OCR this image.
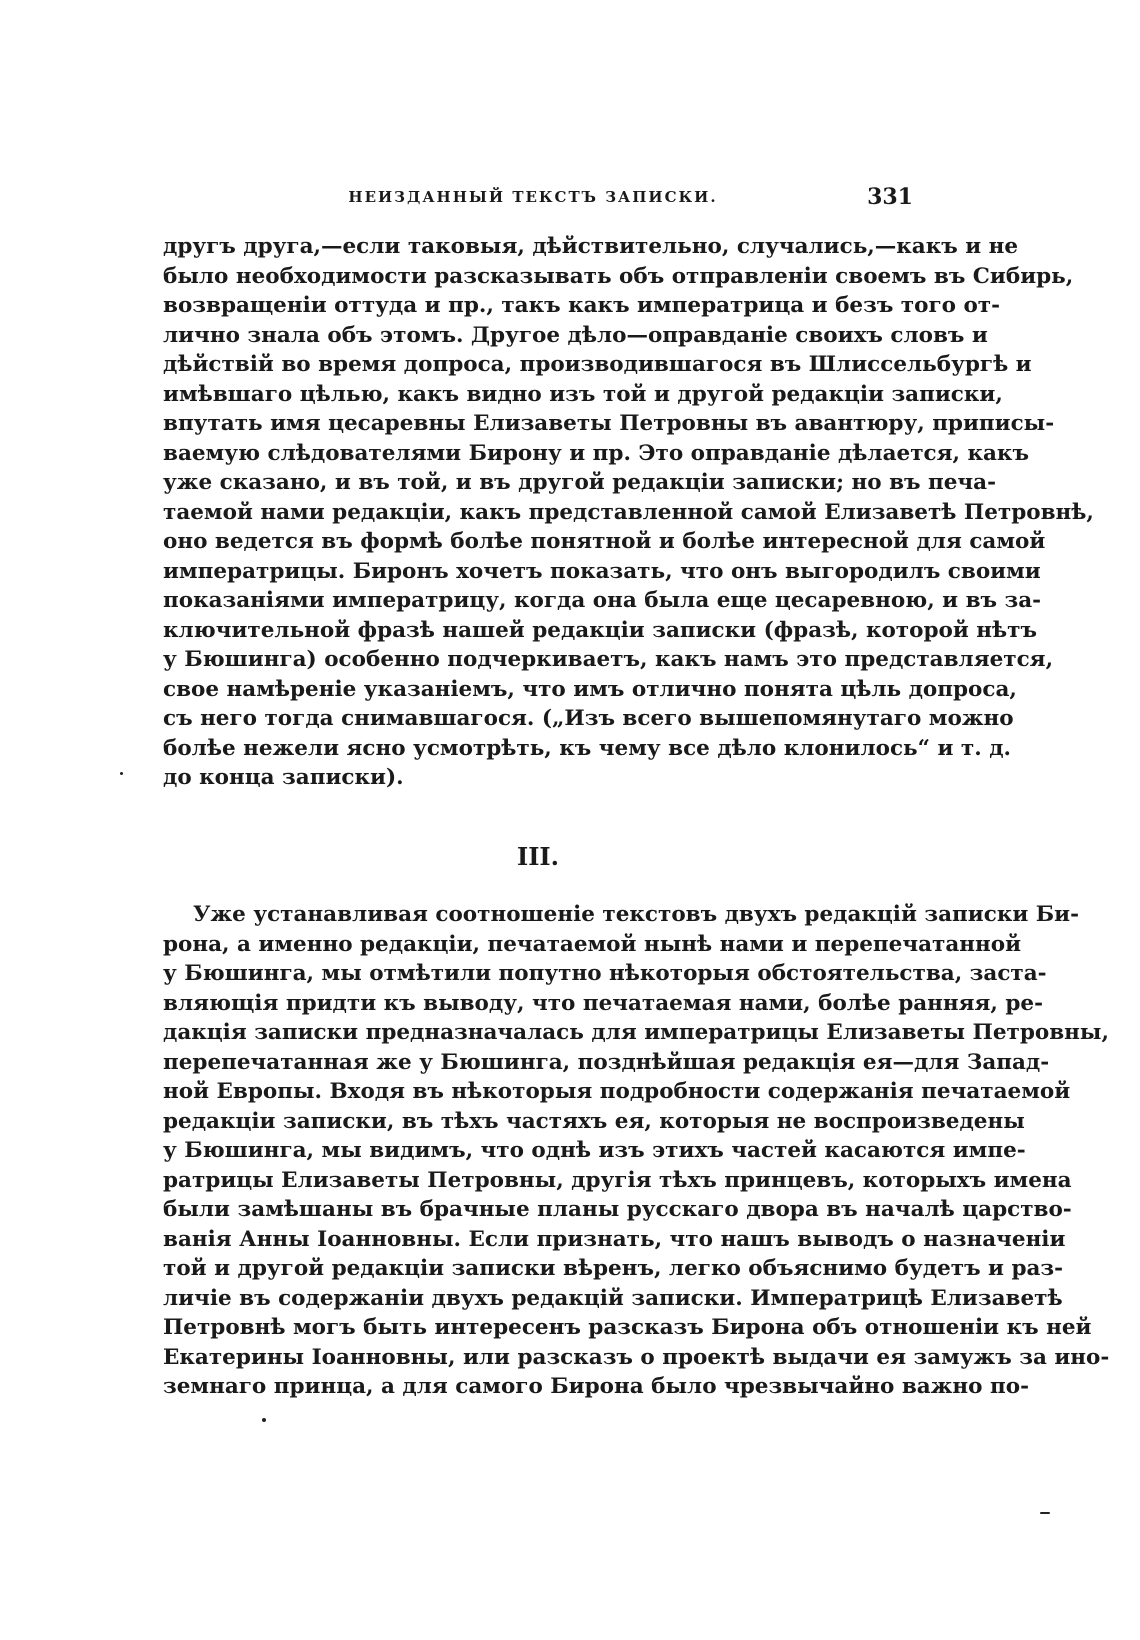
НЕИЗДАННЫЙ ТЕКСТЪ ЗАПИСКИ.	331
другъ друга,—если таковыя, дѣйствительно, случались,—какъ и не
было необходимости разсказывать объ отправленіи своемъ въ Сибирь,
возвращеніи оттуда и пр., такъ какъ императрица и безъ того от-
лично знала объ этомъ. Другое дѣло—оправданіе своихъ словъ и
дѣйствій во время допроса, производившагося въ Шлиссельбургѣ и
имѣвшаго цѣлью, какъ видно изъ той и другой редакціи записки,
впутать имя цесаревны Елизаветы Петровны въ авантюру, приписы-
ваемую слѣдователями Бирону и пр. Это оправданіе дѣлается, какъ
уже сказано, и въ той, и въ другой редакціи записки; но въ печа-
таемой нами редакціи, какъ представленной самой Елизаветѣ Петровнѣ,
оно ведется въ формѣ болѣе понятной и болѣе интересной для самой
императрицы. Биронъ хочетъ показать, что онъ выгородилъ своими
показаніями императрицу, когда она была еще цесаревною, и въ за-
ключительной фразѣ нашей редакціи записки (фразѣ, которой нѣтъ
у Бюшинга) особенно подчеркиваетъ, какъ намъ это представляется,
свое намѣреніе указаніемъ, что имъ отлично понята цѣль допроса,
съ него тогда снимавшагося. („Изъ всего вышепомянутаго можно
болѣе нежели ясно усмотрѣть, къ чему все дѣло клонилось“ и т. д.
до конца записки).
III.
Уже устанавливая соотношеніе текстовъ двухъ редакцій записки Би-
рона, а именно редакціи, печатаемой нынѣ нами и перепечатанной
у Бюшинга, мы отмѣтили попутно нѣкоторыя обстоятельства, заста-
вляющія придти къ выводу, что печатаемая нами, болѣе ранняя, ре-
дакція записки предназначалась для императрицы Елизаветы Петровны,
перепечатанная же у Бюшинга, позднѣйшая редакція ея—для Запад-
ной Европы. Входя въ нѣкоторыя подробности содержанія печатаемой
редакціи записки, въ тѣхъ частяхъ ея, которыя не воспроизведены
у Бюшинга, мы видимъ, что однѣ изъ этихъ частей касаются импе-
ратрицы Елизаветы Петровны, другія тѣхъ принцевъ, которыхъ имена
были замѣшаны въ брачные планы русскаго двора въ началѣ царство-
ванія Анны Іоанновны. Если признать, что нашъ выводъ о назначеніи
той и другой редакціи записки вѣренъ, легко объяснимо будетъ и раз-
личіе въ содержаніи двухъ редакцій записки. Императрицѣ Елизаветѣ
Петровнѣ могъ быть интересенъ разсказъ Бирона объ отношеніи къ ней
Екатерины Іоанновны, или разсказъ о проектѣ выдачи ея замужъ за ино-
земнаго принца, а для самого Бирона было чрезвычайно важно по-
